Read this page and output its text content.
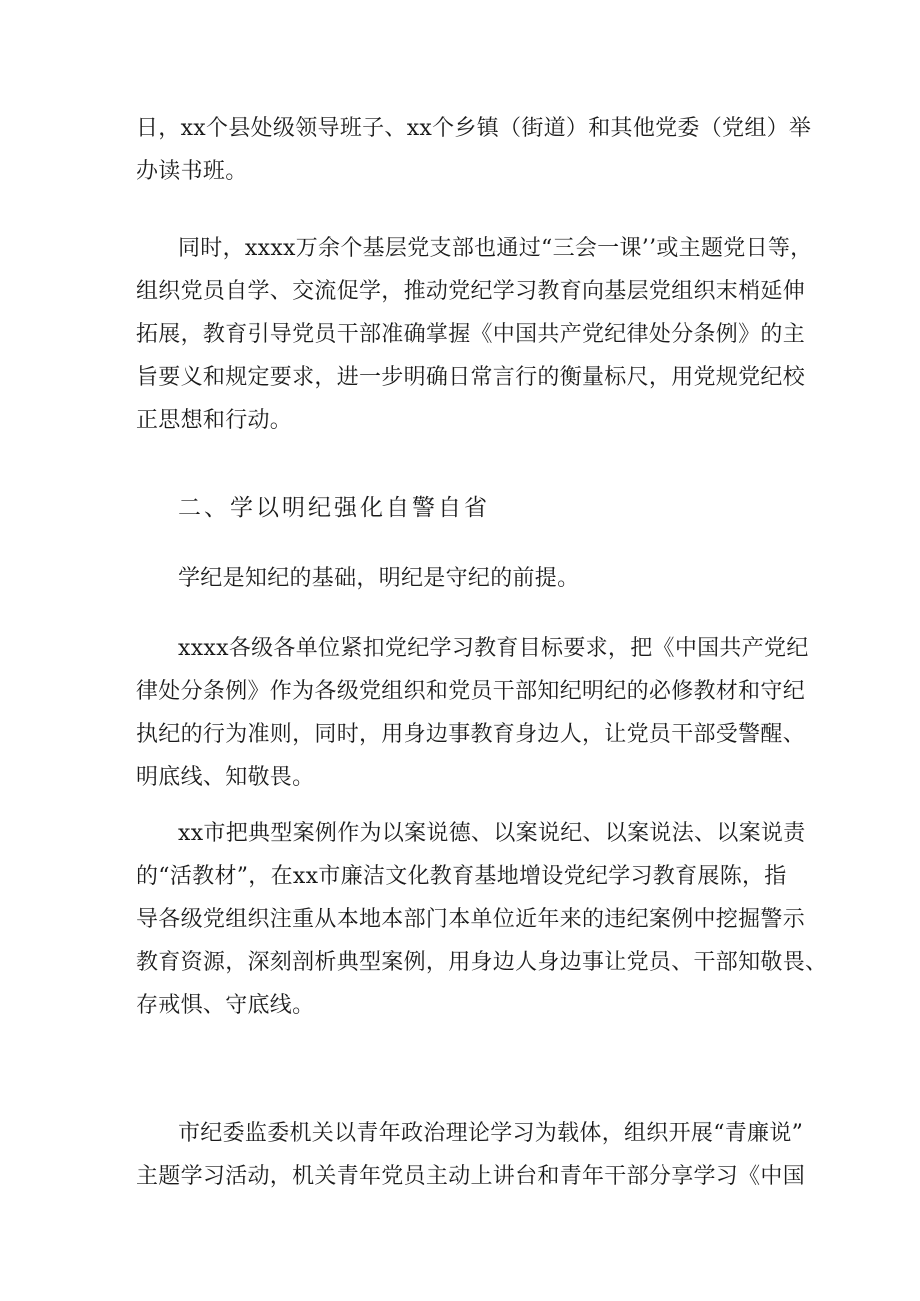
日，xx个县处级领导班子、xx个乡镇（街道）和其他党委（党组）举
办读书班。

同时，xxxx万余个基层党支部也通过“三会一课’’或主题党日等，
组织党员自学、交流促学，推动党纪学习教育向基层党组织末梢延伸
拓展，教育引导党员干部准确掌握《中国共产党纪律处分条例》的主
旨要义和规定要求，进一步明确日常言行的衡量标尺，用党规党纪校
正思想和行动。

二、学以明纪强化自警自省

学纪是知纪的基础，明纪是守纪的前提。

xxxx各级各单位紧扣党纪学习教育目标要求，把《中国共产党纪
律处分条例》作为各级党组织和党员干部知纪明纪的必修教材和守纪
执纪的行为准则，同时，用身边事教育身边人，让党员干部受警醒、
明底线、知敬畏。

xx市把典型案例作为以案说德、以案说纪、以案说法、以案说责
的“活教材”，在xx市廉洁文化教育基地增设党纪学习教育展陈，指
导各级党组织注重从本地本部门本单位近年来的违纪案例中挖掘警示
教育资源，深刻剖析典型案例，用身边人身边事让党员、干部知敬畏、
存戒惧、守底线。

市纪委监委机关以青年政治理论学习为载体，组织开展“青廉说”
主题学习活动，机关青年党员主动上讲台和青年干部分享学习《中国
